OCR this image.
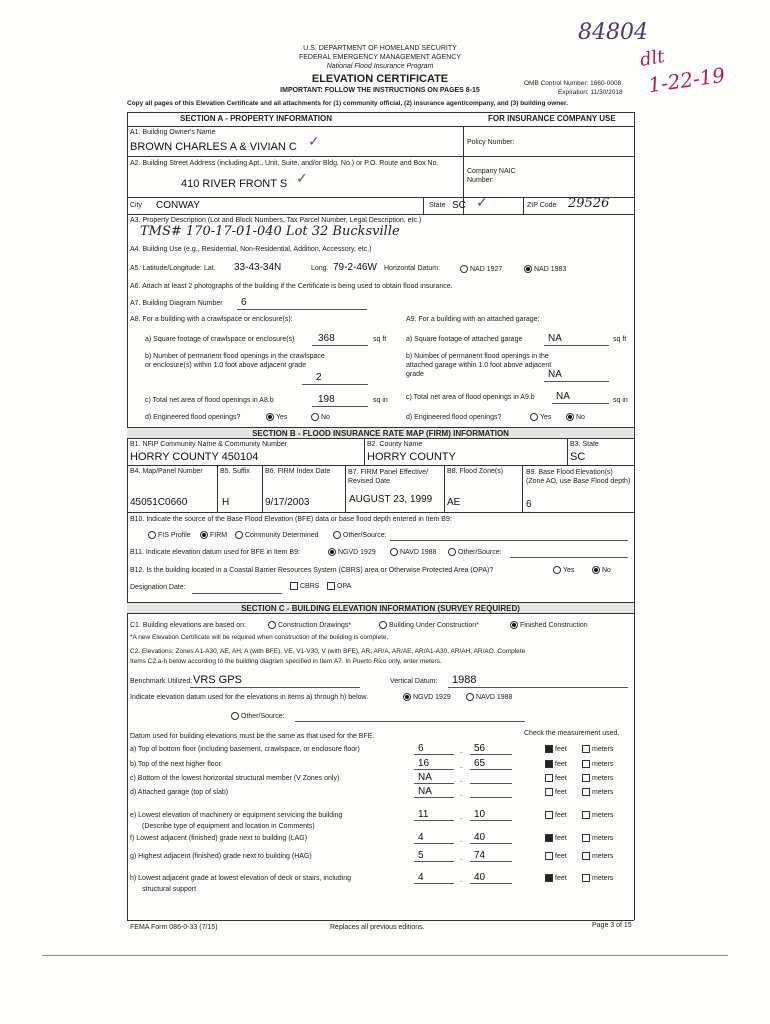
84804
dlt
1-22-19
U.S. DEPARTMENT OF HOMELAND SECURITY
FEDERAL EMERGENCY MANAGEMENT AGENCY
National Flood Insurance Program
ELEVATION CERTIFICATE
IMPORTANT: FOLLOW THE INSTRUCTIONS ON PAGES 8-15
OMB Control Number: 1660-0008
Expiration: 11/30/2018
Copy all pages of this Elevation Certificate and all attachments for (1) community official, (2) insurance agent/company, and (3) building owner.
SECTION A - PROPERTY INFORMATION	FOR INSURANCE COMPANY USE
A1. Building Owner's Name
BROWN CHARLES A & VIVIAN C ✓	Policy Number:
A2. Building Street Address (including Apt., Unit, Suite, and/or Bldg. No.) or P.O. Route and Box No.
410 RIVER FRONT S ✓	Company NAIC Number:
City CONWAY	State SC ✓	ZIP Code 29526
A3. Property Description (Lot and Block Numbers, Tax Parcel Number, Legal Description, etc.)
TMS# 170-17-01-040 Lot 32 Bucksville
A4. Building Use (e.g., Residential, Non-Residential, Addition, Accessory, etc.)
A5. Latitude/Longitude: Lat. 33-43-34N	Long. 79-2-46W Horizontal Datum:	NAD 1927	NAD 1983
A6. Attach at least 2 photographs of the building if the Certificate is being used to obtain flood insurance.
A7. Building Diagram Number 6
A8. For a building with a crawlspace or enclosure(s):	A9. For a building with an attached garage:
a) Square footage of crawlspace or enclosure(s) 368	sq ft	a) Square footage of attached garage	NA	sq ft
b) Number of permanent flood openings in the crawlspace or enclosure(s) within 1.0 foot above adjacent grade
2
b) Number of permanent flood openings in the attached garage within 1.0 foot above adjacent grade	NA
c) Total net area of flood openings in A8.b	198	sq in	c) Total net area of flood openings in A9.b NA	sq in
d) Engineered flood openings?	Yes	No	d) Engineered flood openings?	Yes	No
SECTION B - FLOOD INSURANCE RATE MAP (FIRM) INFORMATION
B1. NFIP Community Name & Community Number
HORRY COUNTY 450104
B2. County Name
HORRY COUNTY
B3. State
SC
B4. Map/Panel Number
45051C0660
B5. Suffix
H
B6. FIRM Index Date
9/17/2003
B7. FIRM Panel Effective/ Revised Date
AUGUST 23, 1999
B8. Flood Zone(s)
AE
B9. Base Flood Elevation(s) (Zone AO, use Base Flood depth)
6
B10. Indicate the source of the Base Flood Elevation (BFE) data or base flood depth entered in Item B9:
FIS Profile	FIRM	Community Determined	Other/Source:
B11. Indicate elevation datum used for BFE in Item B9:	NGVD 1929	NAVD 1988	Other/Source:
B12. Is the building located in a Coastal Barrier Resources System (CBRS) area or Otherwise Protected Area (OPA)?	Yes	No
Designation Date:	CBRS	OPA
SECTION C - BUILDING ELEVATION INFORMATION (SURVEY REQUIRED)
C1. Building elevations are based on:	Construction Drawings*	Building Under Construction*	Finished Construction
*A new Elevation Certificate will be required when construction of the building is complete.
C2. Elevations: Zones A1-A30, AE, AH, A (with BFE), VE, V1-V30, V (with BFE), AR, AR/A, AR/AE, AR/A1-A30, AR/AH, AR/AO. Complete
Items C2.a-h below according to the building diagram specified in Item A7. In Puerto Rico only, enter meters.
Benchmark Utilized: VRS GPS	Vertical Datum: 1988
Indicate elevation datum used for the elevations in items a) through h) below.	NGVD 1929	NAVD 1988
Other/Source:
Datum used for building elevations must be the same as that used for the BFE.	Check the measurement used.
a) Top of bottom floor (including basement, crawlspace, or enclosure floor)	6	. 56	feet	meters
b) Top of the next higher floor	16	. 65	feet	meters
c) Bottom of the lowest horizontal structural member (V Zones only)	NA	.	feet	meters
d) Attached garage (top of slab)	NA	.	feet	meters
e) Lowest elevation of machinery or equipment servicing the building
(Describe type of equipment and location in Comments)
11	. 10	feet	meters
f) Lowest adjacent (finished) grade next to building (LAG)	4	. 40	feet	meters
g) Highest adjacent (finished) grade next to building (HAG)	5	. 74	feet	meters
h) Lowest adjacent grade at lowest elevation of deck or stairs, including
structural support
4	. 40	feet	meters
FEMA Form 086-0-33 (7/15)	Replaces all previous editions.	Page 3 of 15
